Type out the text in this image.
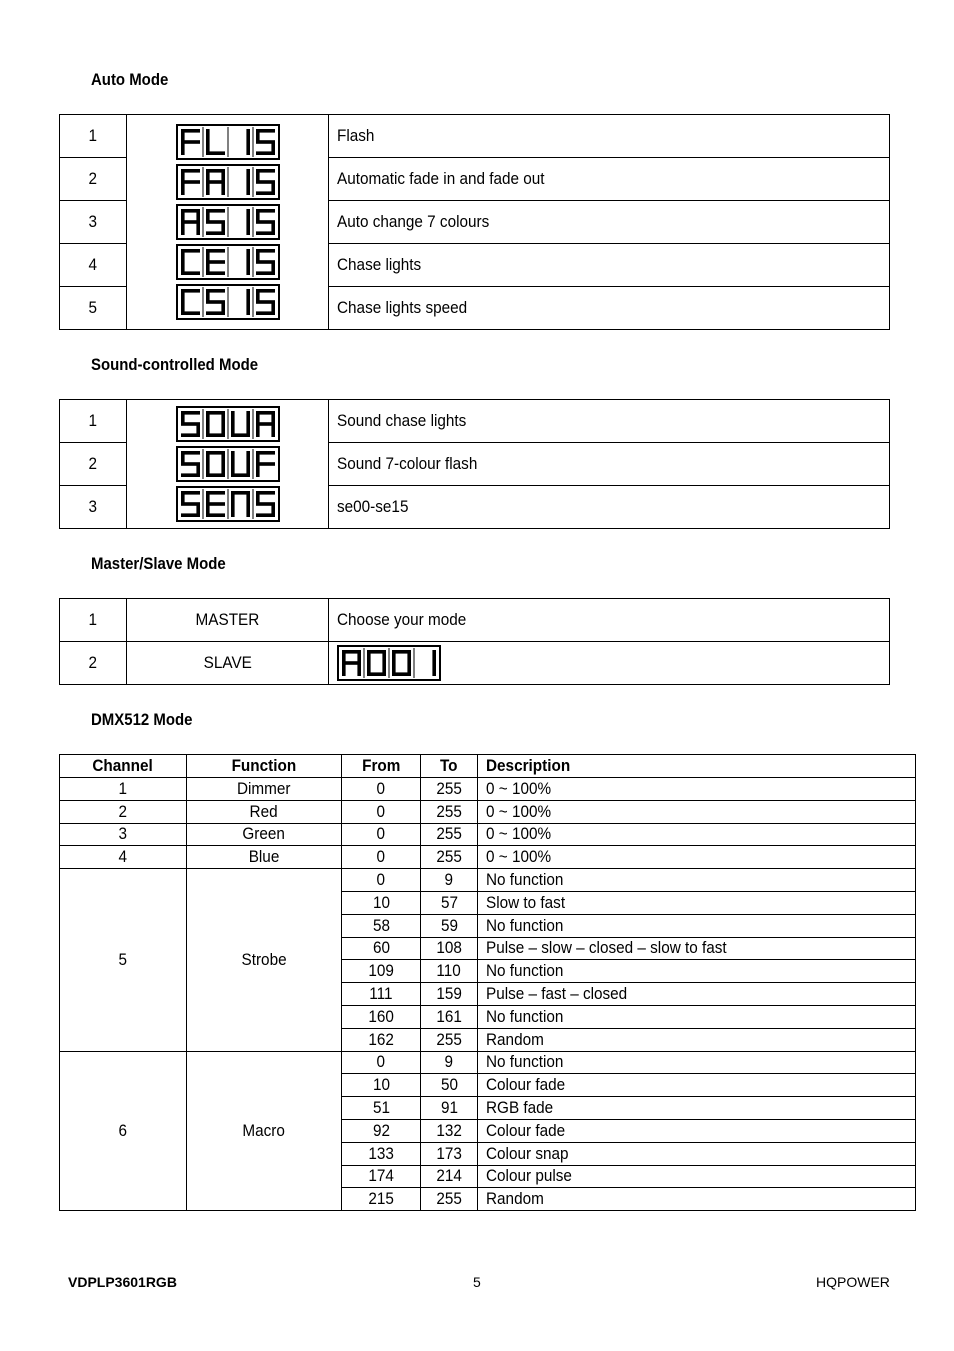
Auto Mode
1		Flash
2		Automatic fade in and fade out
3		Auto change 7 colours
4		Chase lights
5		Chase lights speed
Sound-controlled Mode
1		Sound chase lights
2		Sound 7-colour flash
3		se00-se15
Master/Slave Mode
1	MASTER	Choose your mode
2	SLAVE	
DMX512 Mode
Channel	Function	From	To	Description
1	Dimmer	0	255	0 ~ 100%
2	Red	0	255	0 ~ 100%
3	Green	0	255	0 ~ 100%
4	Blue	0	255	0 ~ 100%
5	Strobe	0	9	No function
		10	57	Slow to fast
		58	59	No function
		60	108	Pulse – slow – closed – slow to fast
		109	110	No function
		111	159	Pulse – fast – closed
		160	161	No function
		162	255	Random
6	Macro	0	9	No function
		10	50	Colour fade
		51	91	RGB fade
		92	132	Colour fade
		133	173	Colour snap
		174	214	Colour pulse
		215	255	Random
VDPLP3601RGB	5	HQPOWER
